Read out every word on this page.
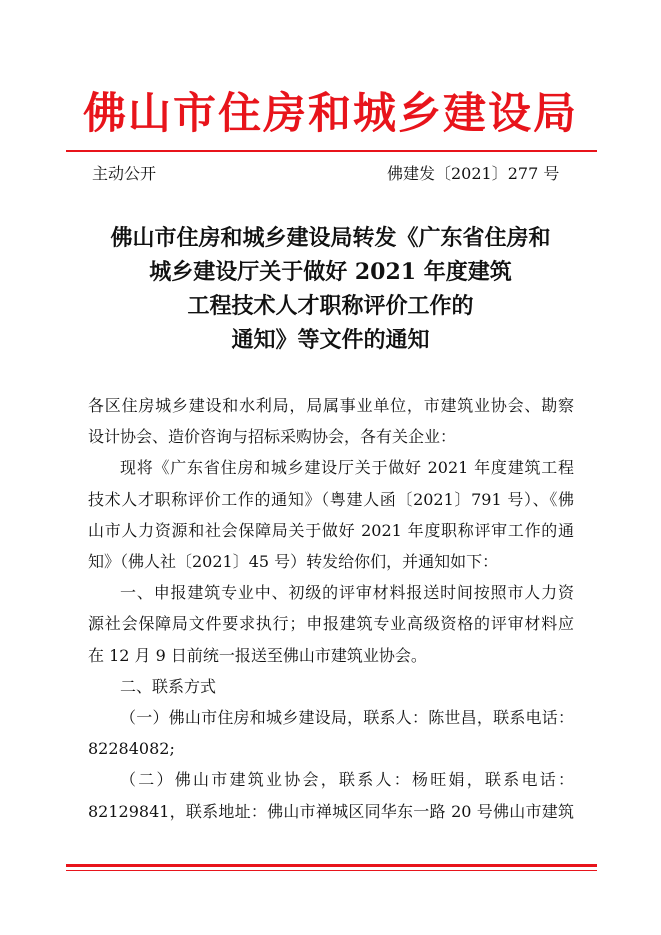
佛山市住房和城乡建设局
主动公开	佛建发〔2021〕277 号
佛山市住房和城乡建设局转发《广东省住房和
城乡建设厅关于做好 2021 年度建筑
工程技术人才职称评价工作的
通知》等文件的通知

各区住房城乡建设和水利局，局属事业单位，市建筑业协会、勘察
设计协会、造价咨询与招标采购协会，各有关企业：

现将《广东省住房和城乡建设厅关于做好 2021 年度建筑工程
技术人才职称评价工作的通知》（粤建人函〔2021〕791 号）、《佛
山市人力资源和社会保障局关于做好 2021 年度职称评审工作的通
知》（佛人社〔2021〕45 号）转发给你们，并通知如下：

一、申报建筑专业中、初级的评审材料报送时间按照市人力资
源社会保障局文件要求执行；申报建筑专业高级资格的评审材料应
在 12 月 9 日前统一报送至佛山市建筑业协会。

二、联系方式

（一）佛山市住房和城乡建设局，联系人：陈世昌，联系电话：
82284082;

（二）佛山市建筑业协会，联系人：杨旺娟，联系电话：
82129841，联系地址：佛山市禅城区同华东一路 20 号佛山市建筑
